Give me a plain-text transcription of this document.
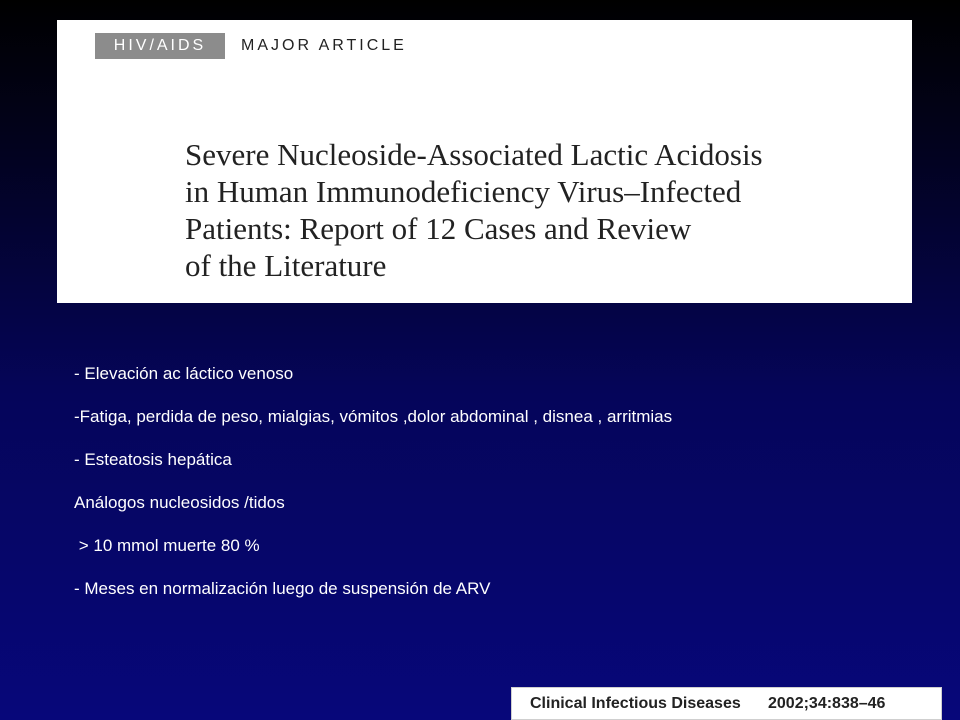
HIV/AIDS	MAJOR ARTICLE
Severe Nucleoside-Associated Lactic Acidosis
in Human Immunodeficiency Virus–Infected
Patients: Report of 12 Cases and Review
of the Literature
- Elevación ac láctico venoso
-Fatiga, perdida de peso, mialgias, vómitos ,dolor abdominal , disnea , arritmias
- Esteatosis hepática
Análogos nucleosidos /tidos
> 10 mmol muerte 80 %
- Meses en normalización luego de suspensión de ARV
Clinical Infectious Diseases	2002;34:838–46
